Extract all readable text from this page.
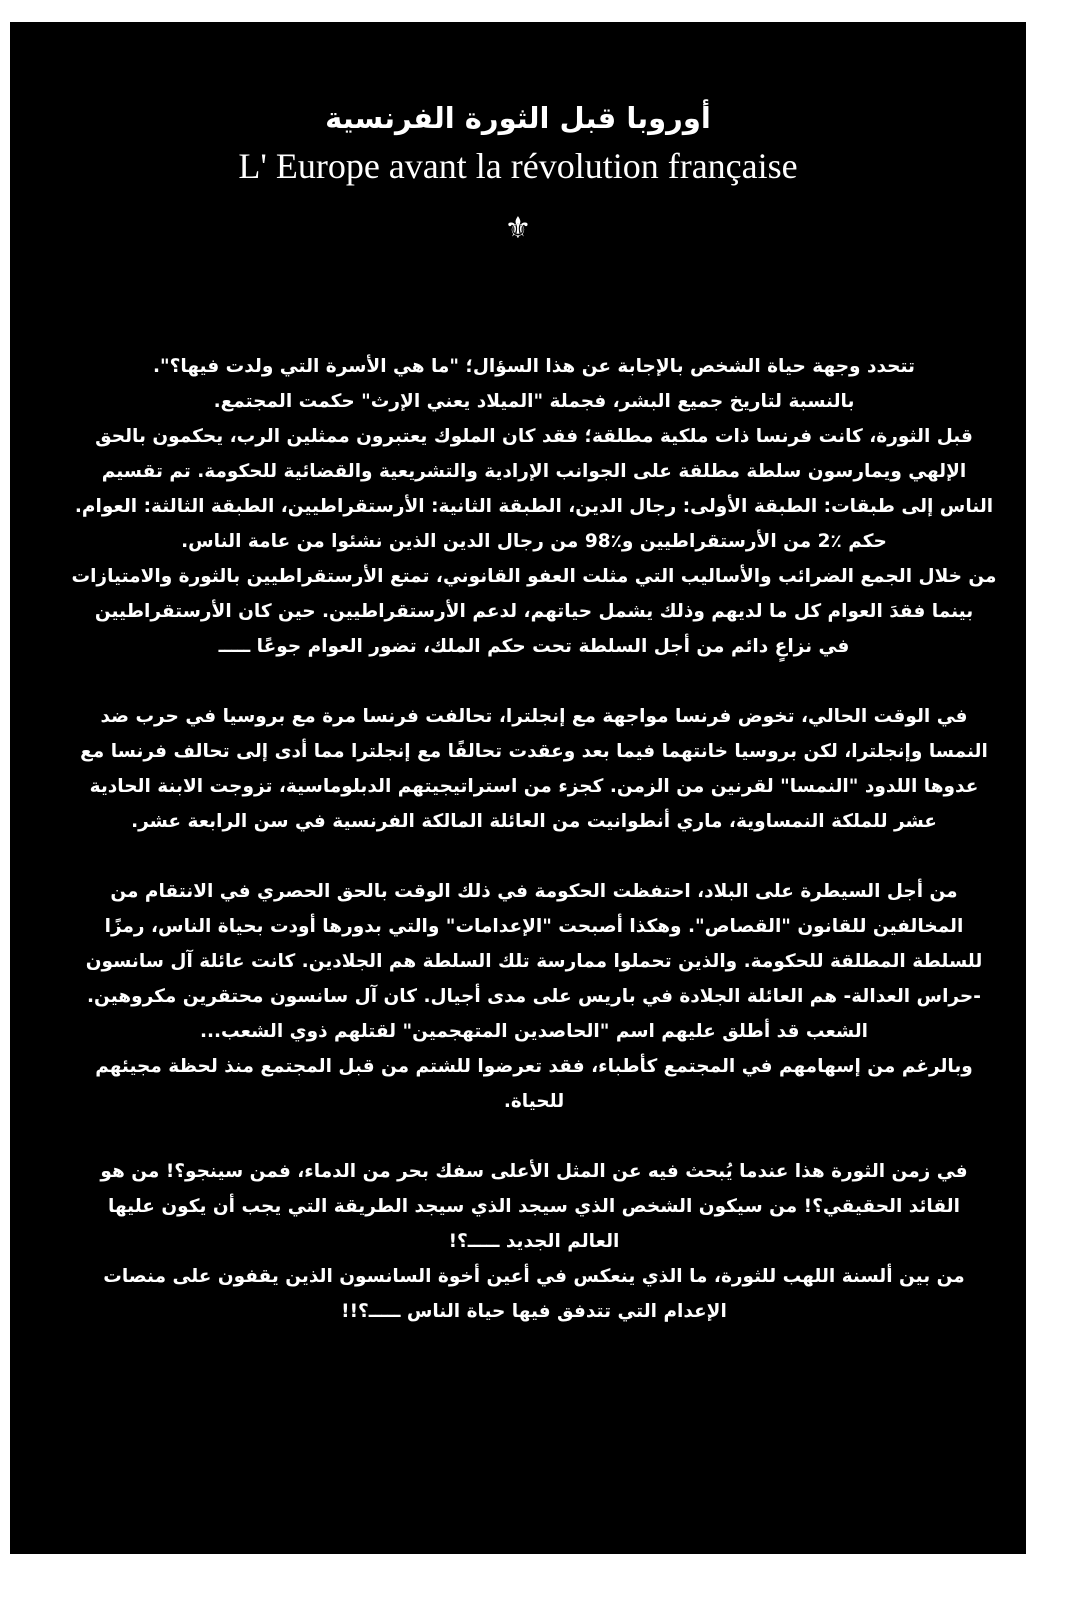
أوروبا قبل الثورة الفرنسية
L' Europe avant la révolution française
⚜
تتحدد وجهة حياة الشخص بالإجابة عن هذا السؤال؛ "ما هي الأسرة التي ولدت فيها؟".
بالنسبة لتاريخ جميع البشر، فجملة "الميلاد يعني الإرث" حكمت المجتمع.
قبل الثورة، كانت فرنسا ذات ملكية مطلقة؛ فقد كان الملوك يعتبرون ممثلين الرب، يحكمون بالحق
الإلهي ويمارسون سلطة مطلقة على الجوانب الإرادية والتشريعية والقضائية للحكومة. تم تقسيم
الناس إلى طبقات: الطبقة الأولى: رجال الدين، الطبقة الثانية: الأرستقراطيين، الطبقة الثالثة: العوام.
حكم ٪2 من الأرستقراطيين و٪98 من رجال الدين الذين نشئوا من عامة الناس.
من خلال الجمع الضرائب والأساليب التي مثلت العفو القانوني، تمتع الأرستقراطيين بالثورة والامتيازات
بينما فقدَ العوام كل ما لديهم وذلك يشمل حياتهم، لدعم الأرستقراطيين. حين كان الأرستقراطيين
في نزاعٍ دائم من أجل السلطة تحت حكم الملك، تضور العوام جوعًا ـــــ
في الوقت الحالي، تخوض فرنسا مواجهة مع إنجلترا، تحالفت فرنسا مرة مع بروسيا في حرب ضد
النمسا وإنجلترا، لكن بروسيا خانتهما فيما بعد وعقدت تحالفًا مع إنجلترا مما أدى إلى تحالف فرنسا مع
عدوها اللدود "النمسا" لقرنين من الزمن. كجزء من استراتيجيتهم الدبلوماسية، تزوجت الابنة الحادية
عشر للملكة النمساوية، ماري أنطوانيت من العائلة المالكة الفرنسية في سن الرابعة عشر.
من أجل السيطرة على البلاد، احتفظت الحكومة في ذلك الوقت بالحق الحصري في الانتقام من
المخالفين للقانون "القصاص". وهكذا أصبحت "الإعدامات" والتي بدورها أودت بحياة الناس، رمزًا
للسلطة المطلقة للحكومة. والذين تحملوا ممارسة تلك السلطة هم الجلادين. كانت عائلة آل سانسون
-حراس العدالة- هم العائلة الجلادة في باريس على مدى أجيال. كان آل سانسون محتقرين مكروهين.
الشعب قد أطلق عليهم اسم "الحاصدين المتهجمين" لقتلهم ذوي الشعب...
وبالرغم من إسهامهم في المجتمع كأطباء، فقد تعرضوا للشتم من قبل المجتمع منذ لحظة مجيئهم
للحياة.
في زمن الثورة هذا عندما يُبحث فيه عن المثل الأعلى سفك بحر من الدماء، فمن سينجو؟! من هو
القائد الحقيقي؟! من سيكون الشخص الذي سيجد الذي سيجد الطريقة التي يجب أن يكون عليها
العالم الجديد ـــــ؟!
من بين ألسنة اللهب للثورة، ما الذي ينعكس في أعين أخوة السانسون الذين يقفون على منصات
الإعدام التي تتدفق فيها حياة الناس ـــــ؟!!
